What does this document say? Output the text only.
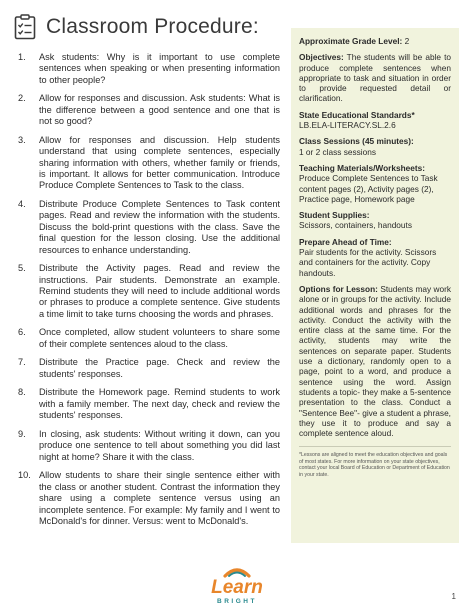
Classroom Procedure:
1.	Ask students: Why is it important to use complete sentences when speaking or when presenting information to other people?
2.	Allow for responses and discussion. Ask students: What is the difference between a good sentence and one that is not so good?
3.	Allow for responses and discussion. Help students understand that using complete sentences, especially sharing information with others, whether family or friends, is important. It allows for better communication. Introduce Produce Complete Sentences to Task to the class.
4.	Distribute Produce Complete Sentences to Task content pages. Read and review the information with the students. Discuss the bold-print questions with the class. Save the final question for the lesson closing. Use the additional resources to enhance understanding.
5.	Distribute the Activity pages. Read and review the instructions. Pair students. Demonstrate an example. Remind students they will need to include additional words or phrases to produce a complete sentence. Give students a time limit to take turns choosing the words and phrases.
6.	Once completed, allow student volunteers to share some of their complete sentences aloud to the class.
7.	Distribute the Practice page. Check and review the students' responses.
8.	Distribute the Homework page. Remind students to work with a family member. The next day, check and review the students' responses.
9.	In closing, ask students: Without writing it down, can you produce one sentence to tell about something you did last night at home? Share it with the class.
10. Allow students to share their single sentence either with the class or another student. Contrast the information they share using a complete sentence versus using an incomplete sentence. For example: My family and I went to McDonald's for dinner. Versus: went to McDonald's.
Approximate Grade Level: 2
Objectives: The students will be able to produce complete sentences when appropriate to task and situation in order to provide requested detail or clarification.
State Educational Standards*
LB.ELA-LITERACY.SL.2.6
Class Sessions (45 minutes):
1 or 2 class sessions
Teaching Materials/Worksheets:
Produce Complete Sentences to Task content pages (2), Activity pages (2), Practice page, Homework page
Student Supplies:
Scissors, containers, handouts
Prepare Ahead of Time:
Pair students for the activity. Scissors and containers for the activity. Copy handouts.
Options for Lesson: Students may work alone or in groups for the activity. Include additional words and phrases for the activity. Conduct the activity with the entire class at the same time. For the activity, students may write the sentences on separate paper. Students use a dictionary, randomly open to a page, point to a word, and produce a sentence using the word. Assign students a topic- they make a 5-sentence presentation to the class. Conduct a "Sentence Bee"- give a student a phrase, they use it to produce and say a complete sentence aloud.
*Lessons are aligned to meet the education objectives and goals of most states. For more information on your state objectives, contact your local Board of Education or Department of Education in your state.
Learn
BRIGHT
1
